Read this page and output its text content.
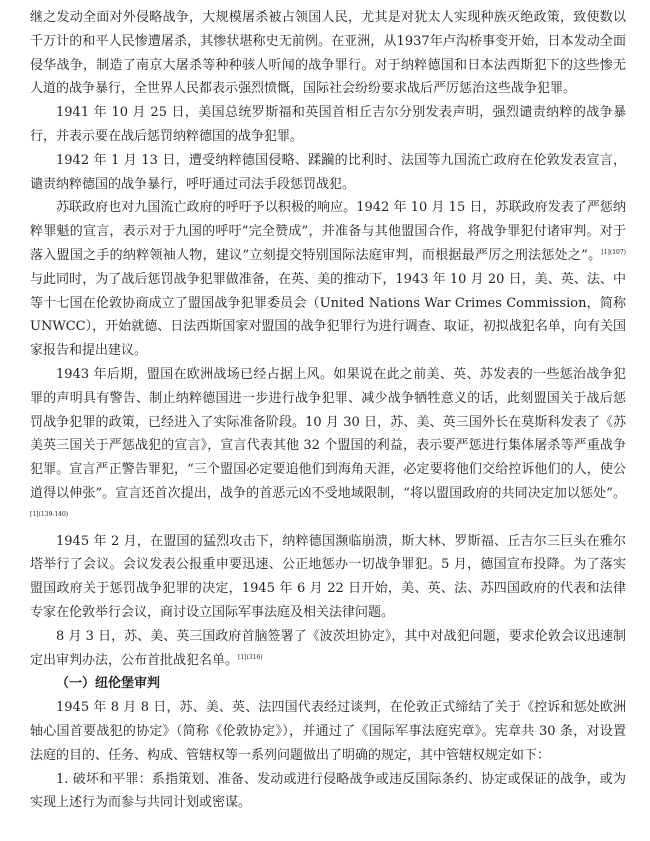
继之发动全面对外侵略战争，大规模屠杀被占领国人民，尤其是对犹太人实现种族灭绝政策，致使数以千万计的和平人民惨遭屠杀，其惨状堪称史无前例。在亚洲，从1937年卢沟桥事变开始，日本发动全面侵华战争，制造了南京大屠杀等种种骇人听闻的战争罪行。对于纳粹德国和日本法西斯犯下的这些惨无人道的战争暴行，全世界人民都表示强烈愤慨，国际社会纷纷要求战后严厉惩治这些战争犯罪。

1941 年 10 月 25 日，美国总统罗斯福和英国首相丘吉尔分别发表声明，强烈谴责纳粹的战争暴行，并表示要在战后惩罚纳粹德国的战争犯罪。

1942 年 1 月 13 日，遭受纳粹德国侵略、蹂躏的比利时、法国等九国流亡政府在伦敦发表宣言，谴责纳粹德国的战争暴行，呼吁通过司法手段惩罚战犯。

苏联政府也对九国流亡政府的呼吁予以积极的响应。1942 年 10 月 15 日，苏联政府发表了严惩纳粹罪魁的宣言，表示对于九国的呼吁“完全赞成”，并准备与其他盟国合作，将战争罪犯付诸审判。对于落入盟国之手的纳粹领袖人物，建议“立刻提交特别国际法庭审判，而根据最严厉之刑法惩处之”。$^{[1](107)}$与此同时，为了战后惩罚战争犯罪做准备，在英、美的推动下，1943 年 10 月 20 日，美、英、法、中等十七国在伦敦协商成立了盟国战争犯罪委员会（United Nations War Crimes Commission，简称 UNWCC），开始就德、日法西斯国家对盟国的战争犯罪行为进行调查、取证，初拟战犯名单，向有关国家报告和提出建议。

1943 年后期，盟国在欧洲战场已经占据上风。如果说在此之前美、英、苏发表的一些惩治战争犯罪的声明具有警告、制止纳粹德国进一步进行战争犯罪、减少战争牺牲意义的话，此刻盟国关于战后惩罚战争犯罪的政策，已经进入了实际准备阶段。10 月 30 日，苏、美、英三国外长在莫斯科发表了《苏美英三国关于严惩战犯的宣言》，宣言代表其他 32 个盟国的利益，表示要严惩进行集体屠杀等严重战争犯罪。宣言严正警告罪犯，“三个盟国必定要追他们到海角天涯，必定要将他们交给控诉他们的人，使公道得以伸张”。宣言还首次提出，战争的首恶元凶不受地域限制，“将以盟国政府的共同决定加以惩处”。$^{[1](139-140)}$

1945 年 2 月，在盟国的猛烈攻击下，纳粹德国濒临崩溃，斯大林、罗斯福、丘吉尔三巨头在雅尔塔举行了会议。会议发表公报重申要迅速、公正地惩办一切战争罪犯。5 月，德国宣布投降。为了落实盟国政府关于惩罚战争犯罪的决定，1945 年 6 月 22 日开始，美、英、法、苏四国政府的代表和法律专家在伦敦举行会议，商讨设立国际军事法庭及相关法律问题。

8 月 3 日，苏、美、英三国政府首脑签署了《波茨坦协定》，其中对战犯问题，要求伦敦会议迅速制定出审判办法，公布首批战犯名单。$^{[1](316)}$

（一）纽伦堡审判

1945 年 8 月 8 日，苏、美、英、法四国代表经过谈判，在伦敦正式缔结了关于《控诉和惩处欧洲轴心国首要战犯的协定》（简称《伦敦协定》），并通过了《国际军事法庭宪章》。宪章共 30 条，对设置法庭的目的、任务、构成、管辖权等一系列问题做出了明确的规定，其中管辖权规定如下：

1. 破坏和平罪：系指策划、准备、发动或进行侵略战争或违反国际条约、协定或保证的战争，或为实现上述行为而参与共同计划或密谋。
